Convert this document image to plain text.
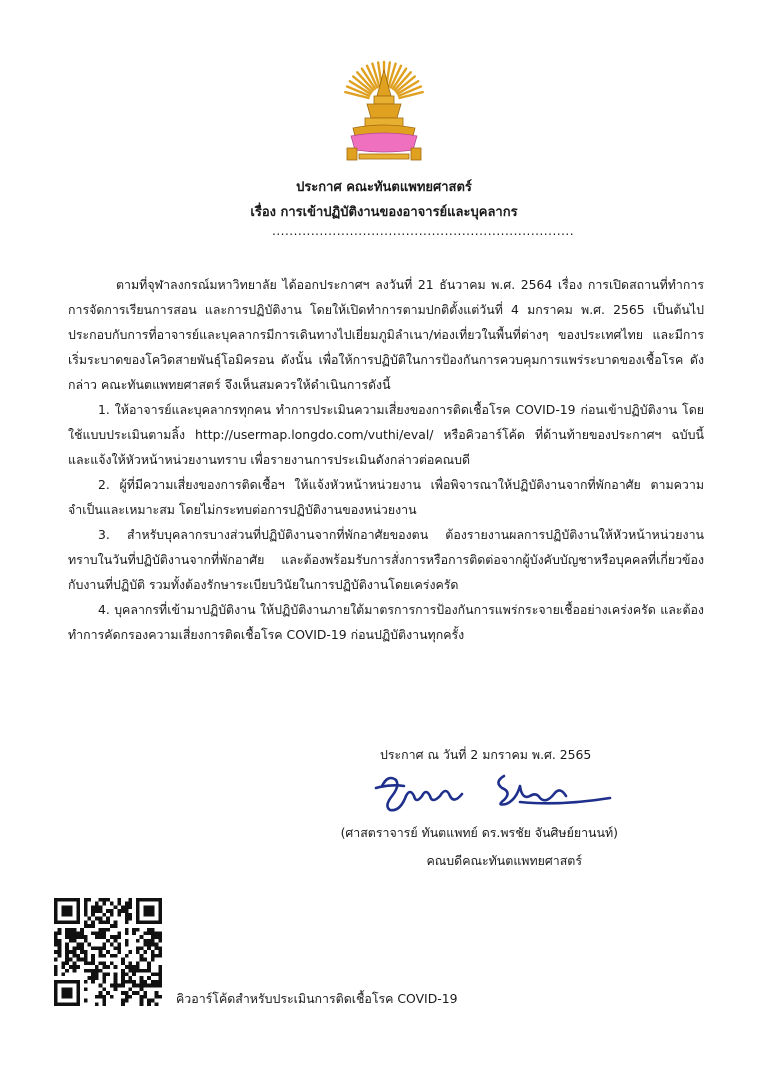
ประกาศ คณะทันตแพทยศาสตร์
เรื่อง การเข้าปฏิบัติงานของอาจารย์และบุคลากร
......................................................................

ตามที่จุฬาลงกรณ์มหาวิทยาลัย ได้ออกประกาศฯ ลงวันที่ 21 ธันวาคม พ.ศ. 2564 เรื่อง การเปิดสถานที่ทำการ การจัดการเรียนการสอน และการปฏิบัติงาน โดยให้เปิดทำการตามปกติตั้งแต่วันที่ 4 มกราคม พ.ศ. 2565 เป็นต้นไป ประกอบกับการที่อาจารย์และบุคลากรมีการเดินทางไปเยี่ยมภูมิลำเนา/ท่องเที่ยวในพื้นที่ต่างๆ ของประเทศไทย และมีการเริ่มระบาดของโควิดสายพันธุ์โอมิครอน ดังนั้น เพื่อให้การปฏิบัติในการป้องกันการควบคุมการแพร่ระบาดของเชื้อโรค ดังกล่าว คณะทันตแพทยศาสตร์ จึงเห็นสมควรให้ดำเนินการดังนี้

1. ให้อาจารย์และบุคลากรทุกคน ทำการประเมินความเสี่ยงของการติดเชื้อโรค COVID-19 ก่อนเข้าปฏิบัติงาน โดยใช้แบบประเมินตามลิ้ง http://usermap.longdo.com/vuthi/eval/ หรือคิวอาร์โค้ด ที่ด้านท้ายของประกาศฯ ฉบับนี้ และแจ้งให้หัวหน้าหน่วยงานทราบ เพื่อรายงานการประเมินดังกล่าวต่อคณบดี

2. ผู้ที่มีความเสี่ยงของการติดเชื้อฯ ให้แจ้งหัวหน้าหน่วยงาน เพื่อพิจารณาให้ปฏิบัติงานจากที่พักอาศัย ตามความจำเป็นและเหมาะสม โดยไม่กระทบต่อการปฏิบัติงานของหน่วยงาน

3. สำหรับบุคลากรบางส่วนที่ปฏิบัติงานจากที่พักอาศัยของตน ต้องรายงานผลการปฏิบัติงานให้หัวหน้าหน่วยงานทราบในวันที่ปฏิบัติงานจากที่พักอาศัย และต้องพร้อมรับการสั่งการหรือการติดต่อจากผู้บังคับบัญชาหรือบุคคลที่เกี่ยวข้องกับงานที่ปฏิบัติ รวมทั้งต้องรักษาระเบียบวินัยในการปฏิบัติงานโดยเคร่งครัด

4. บุคลากรที่เข้ามาปฏิบัติงาน ให้ปฏิบัติงานภายใต้มาตรการการป้องกันการแพร่กระจายเชื้ออย่างเคร่งครัด และต้องทำการคัดกรองความเสี่ยงการติดเชื้อโรค COVID-19 ก่อนปฏิบัติงานทุกครั้ง

ประกาศ ณ วันที่ 2 มกราคม พ.ศ. 2565
(ศาสตราจารย์ ทันตแพทย์ ดร.พรชัย จันศิษย์ยานนท์)
คณบดีคณะทันตแพทยศาสตร์
คิวอาร์โค้ดสำหรับประเมินการติดเชื้อโรค COVID-19
